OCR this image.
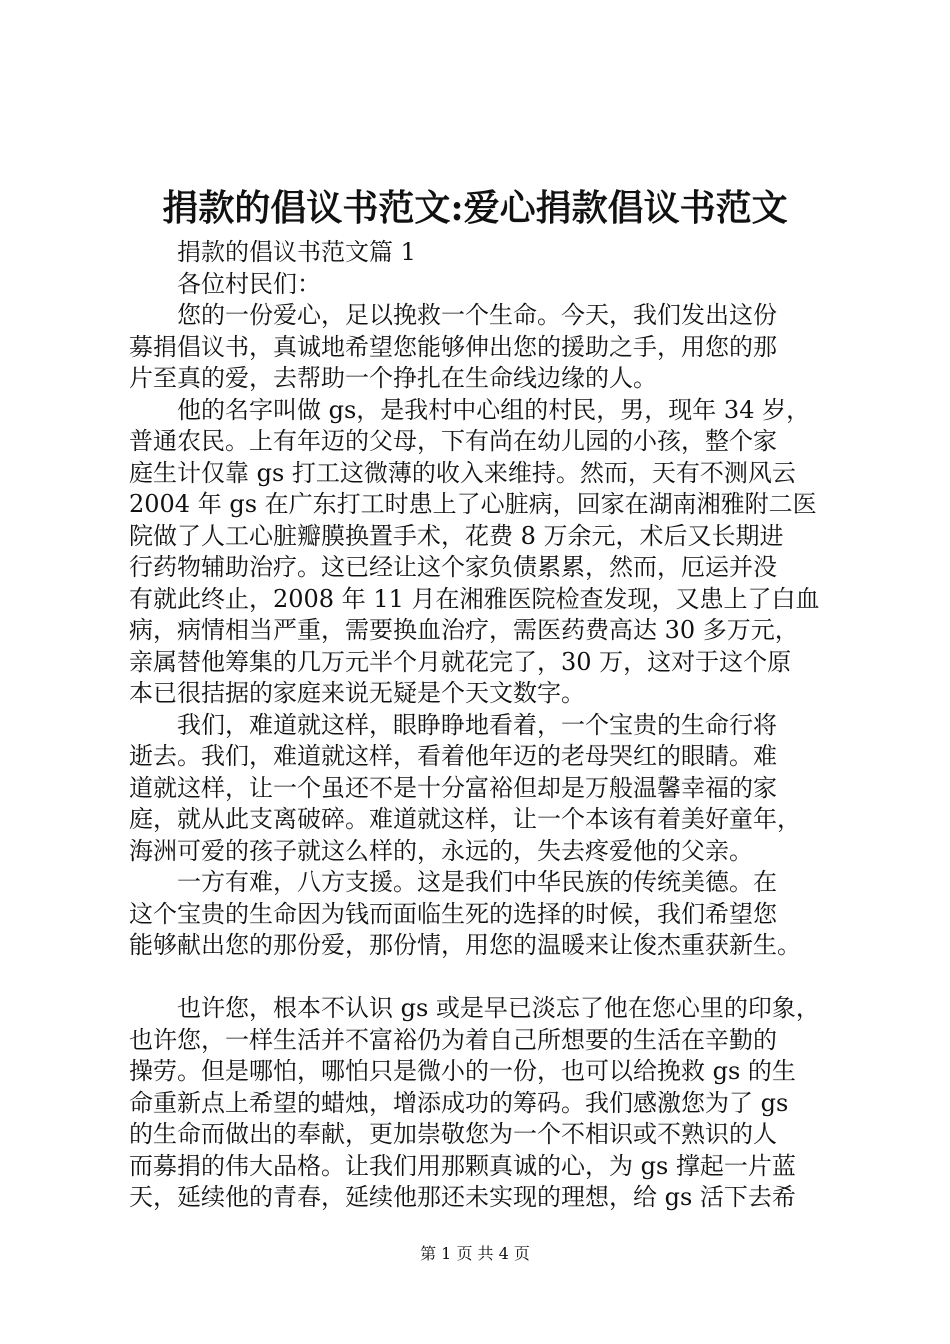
捐款的倡议书范文:爱心捐款倡议书范文
捐款的倡议书范文篇 1
各位村民们：
您的一份爱心，足以挽救一个生命。今天，我们发出这份
募捐倡议书，真诚地希望您能够伸出您的援助之手，用您的那
片至真的爱，去帮助一个挣扎在生命线边缘的人。
他的名字叫做 gs，是我村中心组的村民，男，现年 34 岁，
普通农民。上有年迈的父母，下有尚在幼儿园的小孩，整个家
庭生计仅靠 gs 打工这微薄的收入来维持。然而，天有不测风云
2004 年 gs 在广东打工时患上了心脏病，回家在湖南湘雅附二医
院做了人工心脏瓣膜换置手术，花费 8 万余元，术后又长期进
行药物辅助治疗。这已经让这个家负债累累，然而，厄运并没
有就此终止，2008 年 11 月在湘雅医院检查发现，又患上了白血
病，病情相当严重，需要换血治疗，需医药费高达 30 多万元，
亲属替他筹集的几万元半个月就花完了，30 万，这对于这个原
本已很拮据的家庭来说无疑是个天文数字。
我们，难道就这样，眼睁睁地看着，一个宝贵的生命行将
逝去。我们，难道就这样，看着他年迈的老母哭红的眼睛。难
道就这样，让一个虽还不是十分富裕但却是万般温馨幸福的家
庭，就从此支离破碎。难道就这样，让一个本该有着美好童年，
海洲可爱的孩子就这么样的，永远的，失去疼爱他的父亲。
一方有难，八方支援。这是我们中华民族的传统美德。在
这个宝贵的生命因为钱而面临生死的选择的时候，我们希望您
能够献出您的那份爱，那份情，用您的温暖来让俊杰重获新生。
也许您，根本不认识 gs 或是早已淡忘了他在您心里的印象，
也许您，一样生活并不富裕仍为着自己所想要的生活在辛勤的
操劳。但是哪怕，哪怕只是微小的一份，也可以给挽救 gs 的生
命重新点上希望的蜡烛，增添成功的筹码。我们感激您为了 gs
的生命而做出的奉献，更加崇敬您为一个不相识或不熟识的人
而募捐的伟大品格。让我们用那颗真诚的心，为 gs 撑起一片蓝
天，延续他的青春，延续他那还未实现的理想，给 gs 活下去希
第 1 页 共 4 页
